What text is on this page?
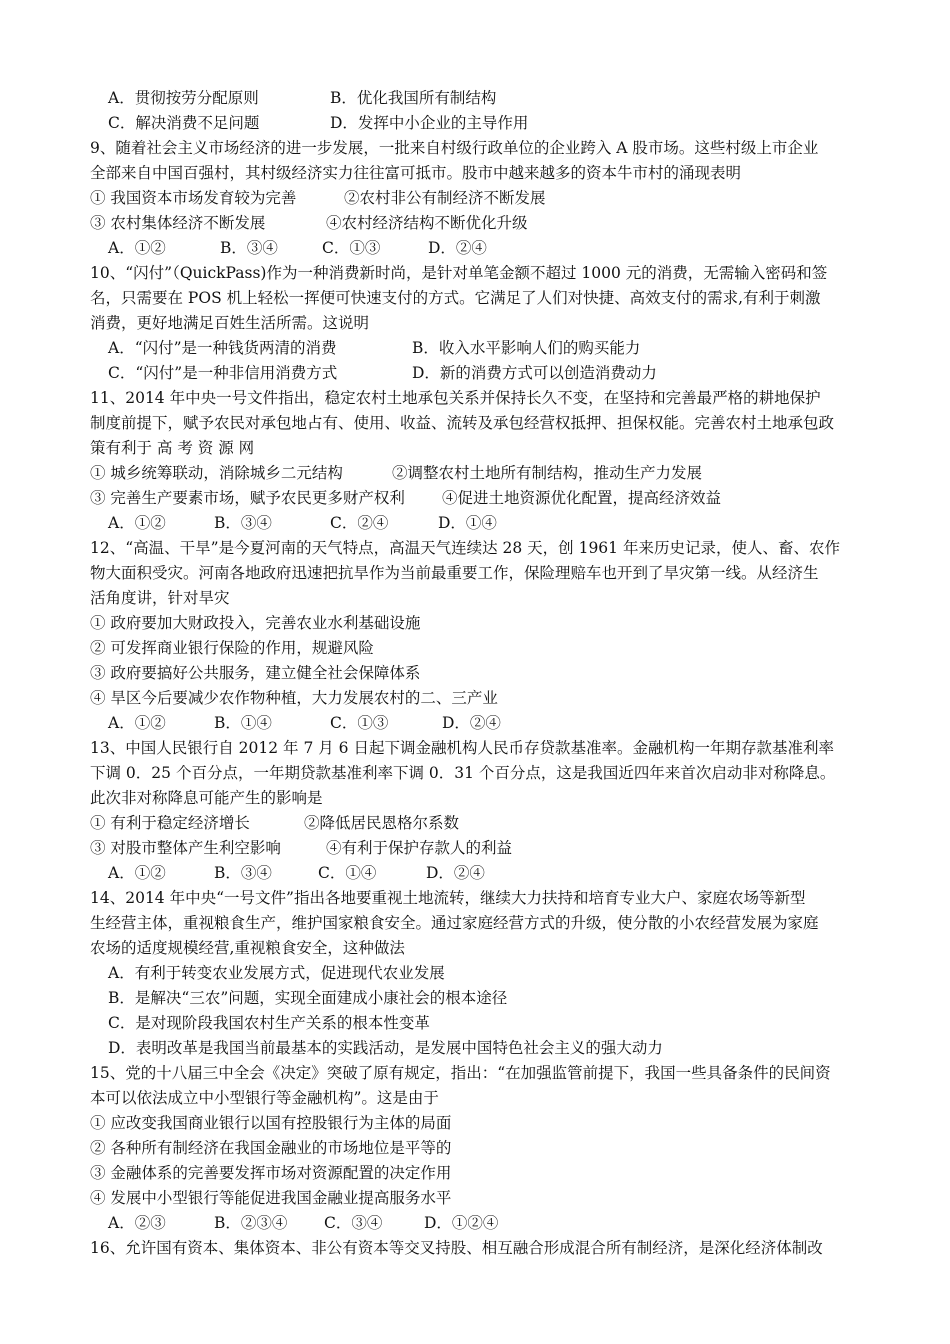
A．贯彻按劳分配原则	B．优化我国所有制结构
C．解决消费不足问题	D．发挥中小企业的主导作用
9、随着社会主义市场经济的进一步发展，一批来自村级行政单位的企业跨入 A 股市场。这些村级上市企业
全部来自中国百强村，其村级经济实力往往富可抵市。股市中越来越多的资本牛市村的涌现表明
① 我国资本市场发育较为完善	②农村非公有制经济不断发展
③ 农村集体经济不断发展	④农村经济结构不断优化升级
A．①②	B．③④	C．①③	D．②④
10、“闪付”（QuickPass)作为一种消费新时尚，是针对单笔金额不超过 1000 元的消费，无需输入密码和签
名，只需要在 POS 机上轻松一挥便可快速支付的方式。它满足了人们对快捷、高效支付的需求,有利于刺激
消费，更好地满足百姓生活所需。这说明
A．“闪付”是一种钱货两清的消费	B．收入水平影响人们的购买能力
C．“闪付”是一种非信用消费方式	D．新的消费方式可以创造消费动力
11、2014 年中央一号文件指出，稳定农村土地承包关系并保持长久不变，在坚持和完善最严格的耕地保护
制度前提下，赋予农民对承包地占有、使用、收益、流转及承包经营权抵押、担保权能。完善农村土地承包政
策有利于 高 考 资 源 网
① 城乡统筹联动，消除城乡二元结构	②调整农村土地所有制结构，推动生产力发展
③ 完善生产要素市场，赋予农民更多财产权利 ④促进土地资源优化配置，提高经济效益
A．①②	B．③④	C．②④	D．①④
12、“高温、干旱”是今夏河南的天气特点，高温天气连续达 28 天，创 1961 年来历史记录，使人、畜、农作
物大面积受灾。河南各地政府迅速把抗旱作为当前最重要工作，保险理赔车也开到了旱灾第一线。从经济生
活角度讲，针对旱灾
① 政府要加大财政投入，完善农业水利基础设施
② 可发挥商业银行保险的作用，规避风险
③ 政府要搞好公共服务，建立健全社会保障体系
④ 旱区今后要减少农作物种植，大力发展农村的二、三产业
A．①②	B．①④	C．①③	D．②④
13、中国人民银行自 2012 年 7 月 6 日起下调金融机构人民币存贷款基准率。金融机构一年期存款基准利率
下调 0．25 个百分点，一年期贷款基准利率下调 0．31 个百分点，这是我国近四年来首次启动非对称降息。
此次非对称降息可能产生的影响是
① 有利于稳定经济增长	②降低居民恩格尔系数
③ 对股市整体产生利空影响	④有利于保护存款人的利益
A．①②	B．③④	C．①④	D．②④
14、2014 年中央“一号文件”指出各地要重视土地流转，继续大力扶持和培育专业大户、家庭农场等新型
生经营主体，重视粮食生产，维护国家粮食安全。通过家庭经营方式的升级，使分散的小农经营发展为家庭
农场的适度规模经营,重视粮食安全，这种做法
A．有利于转变农业发展方式，促进现代农业发展
B．是解决“三农”问题，实现全面建成小康社会的根本途径
C．是对现阶段我国农村生产关系的根本性变革
D．表明改革是我国当前最基本的实践活动，是发展中国特色社会主义的强大动力
15、党的十八届三中全会《决定》突破了原有规定，指出：“在加强监管前提下，我国一些具备条件的民间资
本可以依法成立中小型银行等金融机构”。这是由于
① 应改变我国商业银行以国有控股银行为主体的局面
② 各种所有制经济在我国金融业的市场地位是平等的
③ 金融体系的完善要发挥市场对资源配置的决定作用
④ 发展中小型银行等能促进我国金融业提高服务水平
A．②③	B．②③④ C．③④	D．①②④
16、允许国有资本、集体资本、非公有资本等交叉持股、相互融合形成混合所有制经济，是深化经济体制改
